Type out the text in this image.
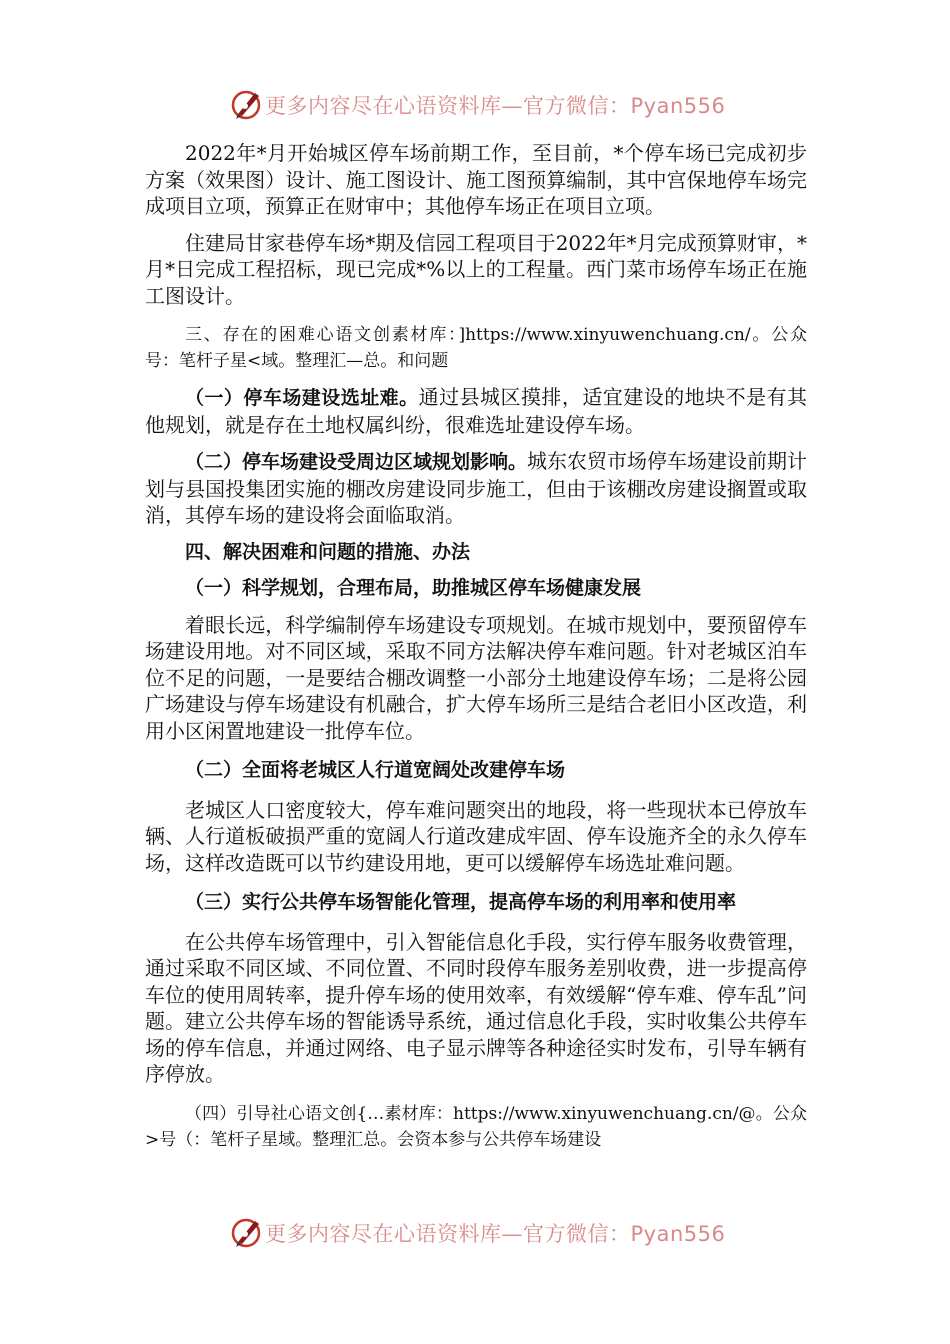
更多内容尽在心语资料库—官方微信：Pyan556

2022年*月开始城区停车场前期工作，至目前，*个停车场已完成初步方案（效果图）设计、施工图设计、施工图预算编制，其中宫保地停车场完成项目立项，预算正在财审中；其他停车场正在项目立项。

住建局甘家巷停车场*期及信园工程项目于2022年*月完成预算财审，*月*日完成工程招标，现已完成*%以上的工程量。西门菜市场停车场正在施工图设计。

三、存在的困难心语文创素材库：]https://www.xinyuwenchuang.cn/。公众号：笔杆子星<域。整理汇—总。和问题

（一）停车场建设选址难。通过县城区摸排，适宜建设的地块不是有其他规划，就是存在土地权属纠纷，很难选址建设停车场。

（二）停车场建设受周边区域规划影响。城东农贸市场停车场建设前期计划与县国投集团实施的棚改房建设同步施工，但由于该棚改房建设搁置或取消，其停车场的建设将会面临取消。

四、解决困难和问题的措施、办法

（一）科学规划，合理布局，助推城区停车场健康发展

着眼长远，科学编制停车场建设专项规划。在城市规划中，要预留停车场建设用地。对不同区域，采取不同方法解决停车难问题。针对老城区泊车位不足的问题，一是要结合棚改调整一小部分土地建设停车场；二是将公园广场建设与停车场建设有机融合，扩大停车场所三是结合老旧小区改造，利用小区闲置地建设一批停车位。

（二）全面将老城区人行道宽阔处改建停车场

老城区人口密度较大，停车难问题突出的地段，将一些现状本已停放车辆、人行道板破损严重的宽阔人行道改建成牢固、停车设施齐全的永久停车场，这样改造既可以节约建设用地，更可以缓解停车场选址难问题。

（三）实行公共停车场智能化管理，提高停车场的利用率和使用率

在公共停车场管理中，引入智能信息化手段，实行停车服务收费管理，通过采取不同区域、不同位置、不同时段停车服务差别收费，进一步提高停车位的使用周转率，提升停车场的使用效率，有效缓解“停车难、停车乱”问题。建立公共停车场的智能诱导系统，通过信息化手段，实时收集公共停车场的停车信息，并通过网络、电子显示牌等各种途径实时发布，引导车辆有序停放。

（四）引导社心语文创{…素材库：https://www.xinyuwenchuang.cn/@。公众>号（：笔杆子星域。整理汇总。会资本参与公共停车场建设

更多内容尽在心语资料库—官方微信：Pyan556
